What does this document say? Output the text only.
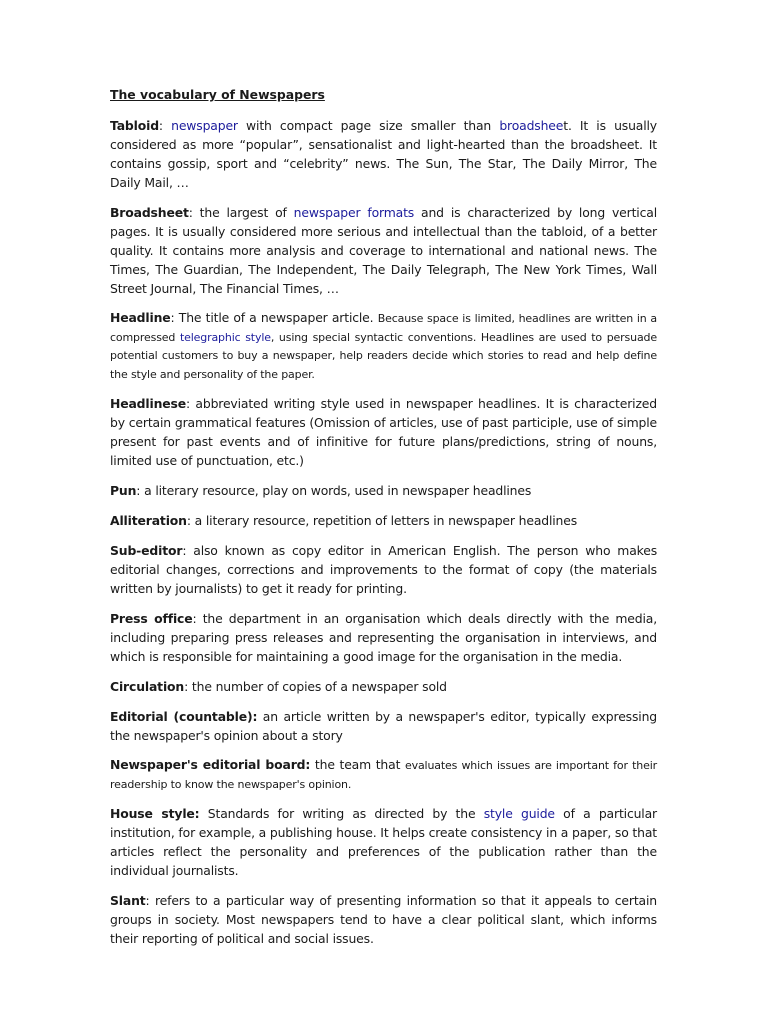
The vocabulary of Newspapers

Tabloid: newspaper with compact page size smaller than broadsheet. It is usually considered as more “popular”, sensationalist and light-hearted than the broadsheet. It contains gossip, sport and “celebrity” news. The Sun, The Star, The Daily Mirror, The Daily Mail, …

Broadsheet: the largest of newspaper formats and is characterized by long vertical pages. It is usually considered more serious and intellectual than the tabloid, of a better quality. It contains more analysis and coverage to international and national news. The Times, The Guardian, The Independent, The Daily Telegraph, The New York Times, Wall Street Journal, The Financial Times, …

Headline: The title of a newspaper article. Because space is limited, headlines are written in a compressed telegraphic style, using special syntactic conventions. Headlines are used to persuade potential customers to buy a newspaper, help readers decide which stories to read and help define the style and personality of the paper.

Headlinese: abbreviated writing style used in newspaper headlines. It is characterized by certain grammatical features (Omission of articles, use of past participle, use of simple present for past events and of infinitive for future plans/predictions, string of nouns, limited use of punctuation, etc.)

Pun: a literary resource, play on words, used in newspaper headlines

Alliteration: a literary resource, repetition of letters in newspaper headlines

Sub-editor: also known as copy editor in American English. The person who makes editorial changes, corrections and improvements to the format of copy (the materials written by journalists) to get it ready for printing.

Press office: the department in an organisation which deals directly with the media, including preparing press releases and representing the organisation in interviews, and which is responsible for maintaining a good image for the organisation in the media.

Circulation: the number of copies of a newspaper sold

Editorial (countable): an article written by a newspaper's editor, typically expressing the newspaper's opinion about a story

Newspaper's editorial board: the team that evaluates which issues are important for their readership to know the newspaper's opinion.

House style: Standards for writing as directed by the style guide of a particular institution, for example, a publishing house. It helps create consistency in a paper, so that articles reflect the personality and preferences of the publication rather than the individual journalists.

Slant: refers to a particular way of presenting information so that it appeals to certain groups in society. Most newspapers tend to have a clear political slant, which informs their reporting of political and social issues.
